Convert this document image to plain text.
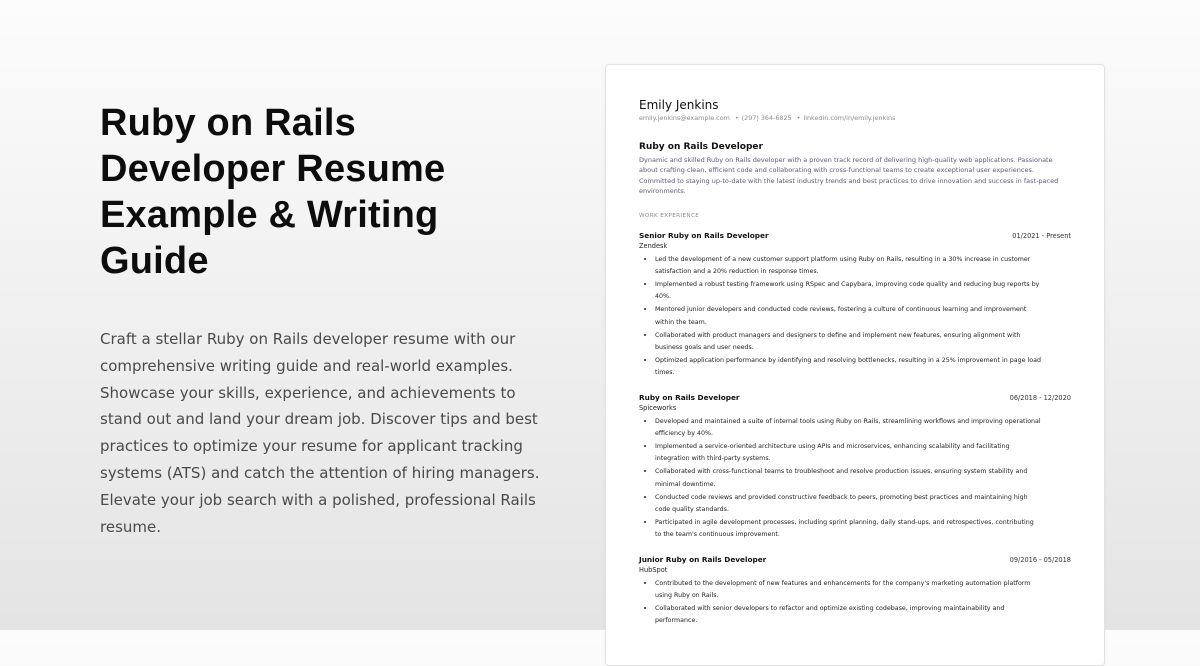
Ruby on Rails Developer Resume Example & Writing Guide

Craft a stellar Ruby on Rails developer resume with our comprehensive writing guide and real-world examples. Showcase your skills, experience, and achievements to stand out and land your dream job. Discover tips and best practices to optimize your resume for applicant tracking systems (ATS) and catch the attention of hiring managers. Elevate your job search with a polished, professional Rails resume.

Emily Jenkins
emily.jenkins@example.com • (297) 364-6825 • linkedin.com/in/emily.jenkins
Ruby on Rails Developer
Dynamic and skilled Ruby on Rails developer with a proven track record of delivering high-quality web applications. Passionate about crafting clean, efficient code and collaborating with cross-functional teams to create exceptional user experiences. Committed to staying up-to-date with the latest industry trends and best practices to drive innovation and success in fast-paced environments.
WORK EXPERIENCE
Senior Ruby on Rails Developer	01/2021 - Present
Zendesk
• Led the development of a new customer support platform using Ruby on Rails, resulting in a 30% increase in customer satisfaction and a 20% reduction in response times.
• Implemented a robust testing framework using RSpec and Capybara, improving code quality and reducing bug reports by 40%.
• Mentored junior developers and conducted code reviews, fostering a culture of continuous learning and improvement within the team.
• Collaborated with product managers and designers to define and implement new features, ensuring alignment with business goals and user needs.
• Optimized application performance by identifying and resolving bottlenecks, resulting in a 25% improvement in page load times.
Ruby on Rails Developer	06/2018 - 12/2020
Spiceworks
• Developed and maintained a suite of internal tools using Ruby on Rails, streamlining workflows and improving operational efficiency by 40%.
• Implemented a service-oriented architecture using APIs and microservices, enhancing scalability and facilitating integration with third-party systems.
• Collaborated with cross-functional teams to troubleshoot and resolve production issues, ensuring system stability and minimal downtime.
• Conducted code reviews and provided constructive feedback to peers, promoting best practices and maintaining high code quality standards.
• Participated in agile development processes, including sprint planning, daily stand-ups, and retrospectives, contributing to the team's continuous improvement.
Junior Ruby on Rails Developer	09/2016 - 05/2018
HubSpot
• Contributed to the development of new features and enhancements for the company's marketing automation platform using Ruby on Rails.
• Collaborated with senior developers to refactor and optimize existing codebase, improving maintainability and performance.
